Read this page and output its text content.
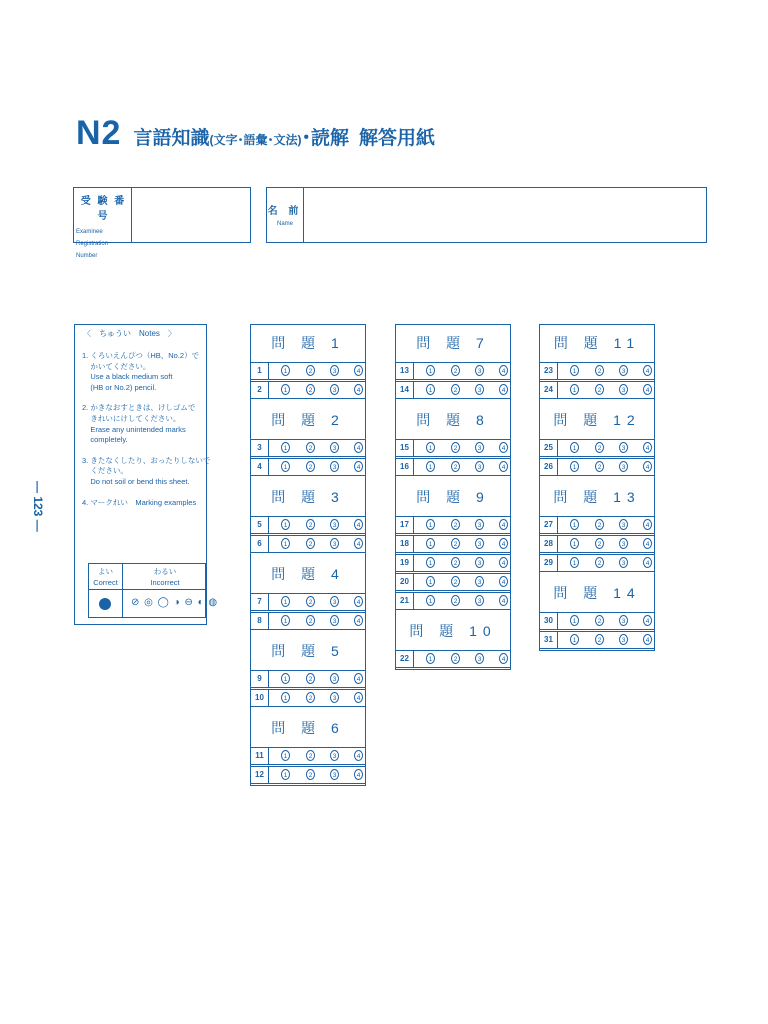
N2 言語知識 (文字･語彙･文法) ･読解 解答用紙
受 験 番 号
Examinee Registration
Number
名 前
Name
— 123 —
〈　ちゅうい　Notes　〉
1. くろいえんぴつ（HB、No.2）で
かいてください。
Use a black medium soft
(HB or No.2) pencil.
2. かきなおすときは、けしゴムで
きれいにけしてください。
Erase any unintended marks
completely.
3. きたなくしたり、おったりしないで
ください。
Do not soil or bend this sheet.
4. マークれい　Marking examples
よい
Correct
わるい
Incorrect
⊘ ◎ ◯ ◑ ⊖ ◐ ◍
問 題 1
1	1	2	3	4
2	1	2	3	4
問 題 2
3	1	2	3	4
4	1	2	3	4
問 題 3
5	1	2	3	4
6	1	2	3	4
問 題 4
7	1	2	3	4
8	1	2	3	4
問 題 5
9	1	2	3	4
10	1	2	3	4
問 題 6
11	1	2	3	4
12	1	2	3	4
問 題 7
13	1	2	3	4
14	1	2	3	4
問 題 8
15	1	2	3	4
16	1	2	3	4
問 題 9
17	1	2	3	4
18	1	2	3	4
19	1	2	3	4
20	1	2	3	4
21	1	2	3	4
問 題 10
22	1	2	3	4
問 題 11
23	1	2	3	4
24	1	2	3	4
問 題 12
25	1	2	3	4
26	1	2	3	4
問 題 13
27	1	2	3	4
28	1	2	3	4
29	1	2	3	4
問 題 14
30	1	2	3	4
31	1	2	3	4
